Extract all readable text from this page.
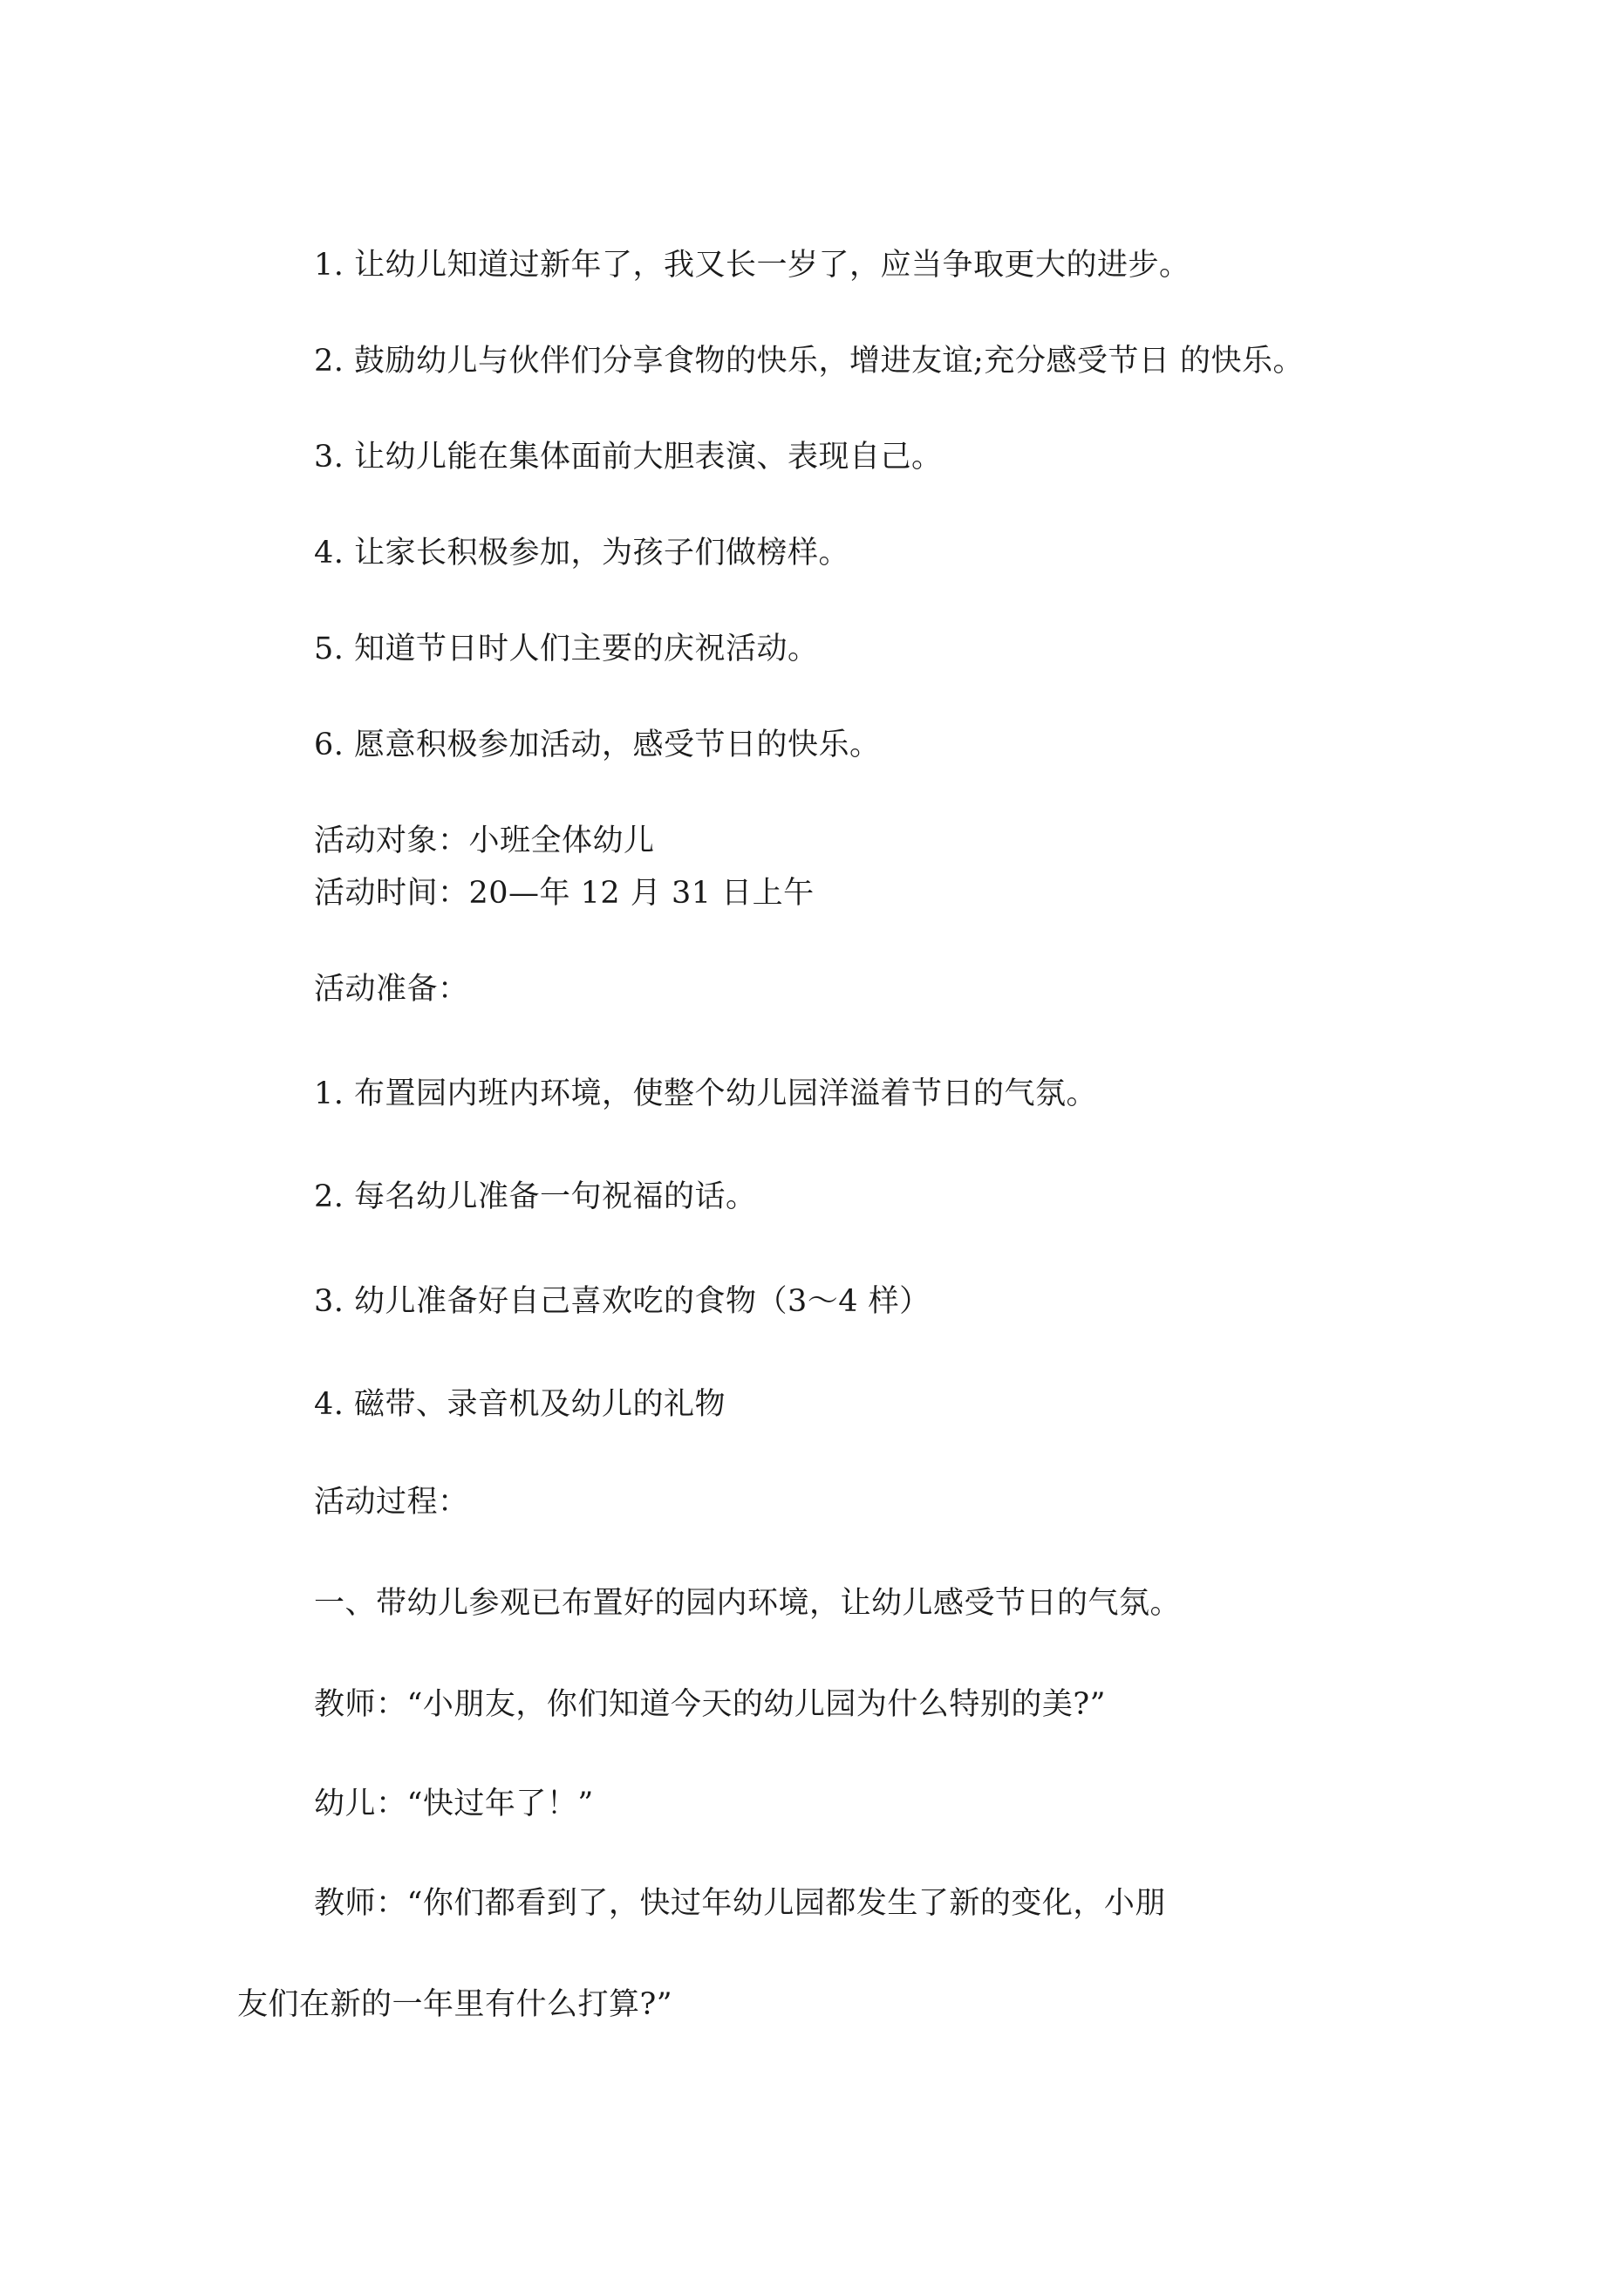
1. 让幼儿知道过新年了，我又长一岁了，应当争取更大的进步。
2. 鼓励幼儿与伙伴们分享食物的快乐，增进友谊;充分感受节日 的快乐。
3. 让幼儿能在集体面前大胆表演、表现自己。
4. 让家长积极参加，为孩子们做榜样。
5. 知道节日时人们主要的庆祝活动。
6. 愿意积极参加活动，感受节日的快乐。
活动对象：小班全体幼儿
活动时间：20—年 12 月 31 日上午
活动准备：
1. 布置园内班内环境，使整个幼儿园洋溢着节日的气氛。
2. 每名幼儿准备一句祝福的话。
3. 幼儿准备好自己喜欢吃的食物（3〜4 样）
4. 磁带、录音机及幼儿的礼物
活动过程：
一、带幼儿参观已布置好的园内环境，让幼儿感受节日的气氛。
教师：“小朋友，你们知道今天的幼儿园为什么特别的美?”
幼儿：“快过年了！”
教师：“你们都看到了，快过年幼儿园都发生了新的变化，小朋
友们在新的一年里有什么打算?”
